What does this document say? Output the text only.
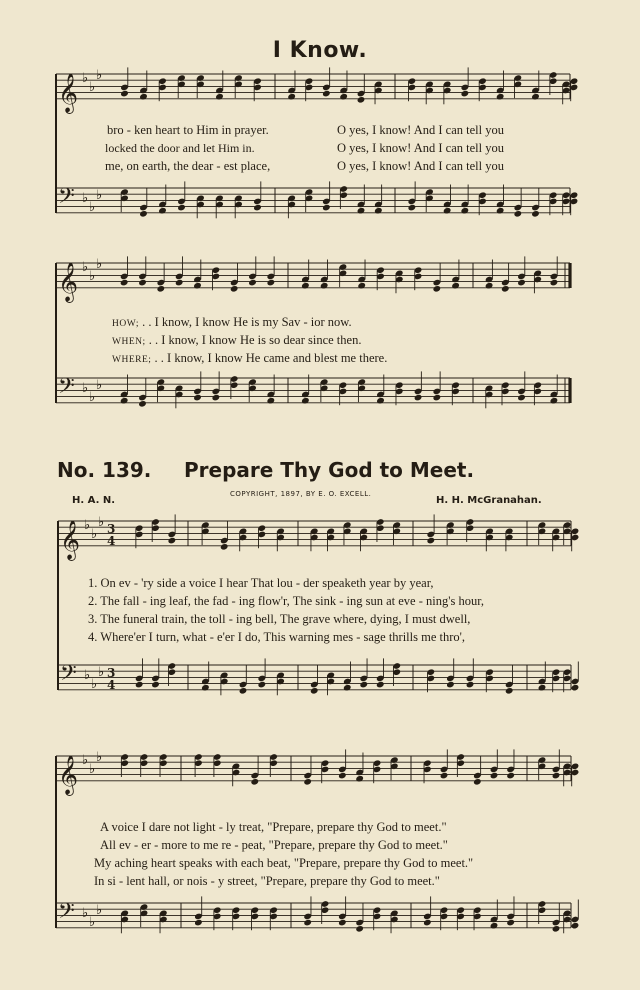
𝄞 ♭
♭
♭
𝄢 ♭
♭
♭
𝄞 ♭
♭
♭
𝄢 ♭
♭
♭
𝄞 ♭
♭
♭ 3
4
𝄢 ♭
♭
♭ 3
4
𝄞 ♭
♭
♭
𝄢 ♭
♭
♭
I Know.
bro - ken heart to Him in prayer.	O yes, I know! And I can tell you
locked the door and let Him in.	O yes, I know! And I can tell you
me, on earth, the dear - est place,	O yes, I know! And I can tell you
HOW; . . I know, I know He is my Sav - ior now.
WHEN; . . I know, I know He is so dear since then.
WHERE; . . I know, I know He came and blest me there.
No. 139. Prepare Thy God to Meet.
H. A. N.
COPYRIGHT, 1897, BY E. O. EXCELL.
H. H. McGranahan.
1. On ev - 'ry side a voice I hear That lou - der speaketh year by year,
2. The fall - ing leaf, the fad - ing flow'r, The sink - ing sun at eve - ning's hour,
3. The funeral train, the toll - ing bell, The grave where, dying, I must dwell,
4. Where'er I turn, what - e'er I do, This warning mes - sage thrills me thro',
A voice I dare not light - ly treat, "Prepare, prepare thy God to meet."
All ev - er - more to me re - peat, "Prepare, prepare thy God to meet."
My aching heart speaks with each beat, "Prepare, prepare thy God to meet."
In si - lent hall, or nois - y street, "Prepare, prepare thy God to meet."
